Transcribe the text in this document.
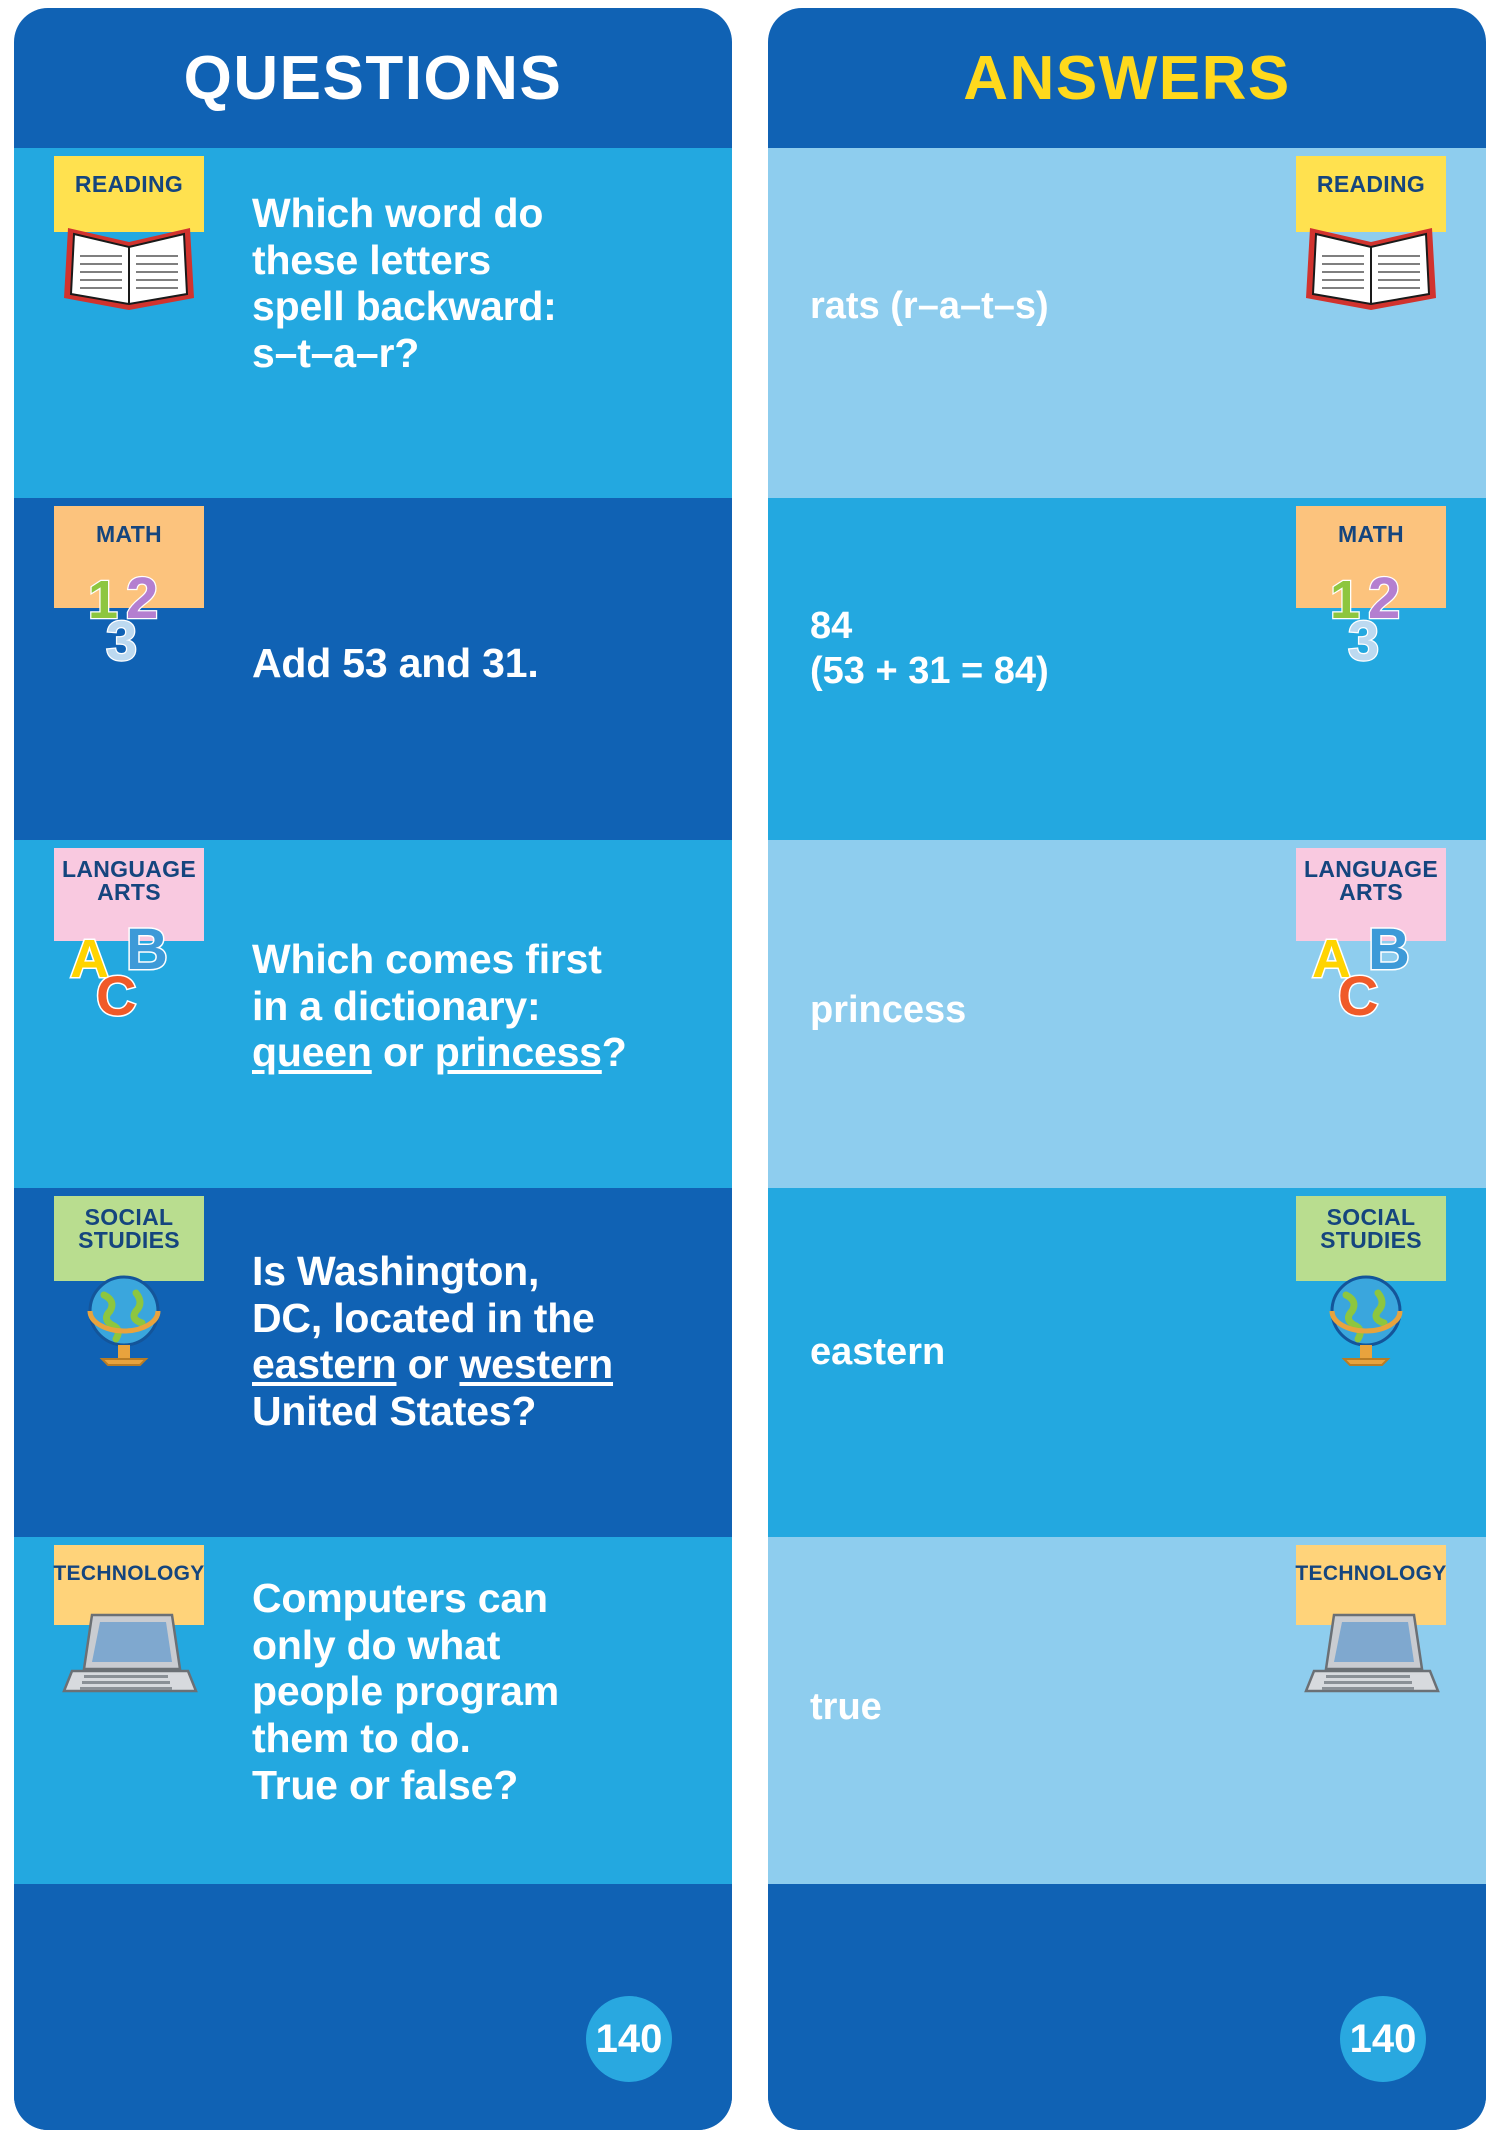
QUESTIONS
READING
Which word do
these letters
spell backward:
s–t–a–r?
MATH
1 2
3	Add 53 and 31.
LANGUAGE ARTS
A B
C
Which comes first
in a dictionary:
queen or princess?
SOCIAL STUDIES
Is Washington,
DC, located in the
eastern or western
United States?
TECHNOLOGY
Computers can
only do what
people program
them to do.
True or false?
140
ANSWERS
READING
rats (r–a–t–s)
MATH
1 2
3
84
(53 + 31 = 84)
LANGUAGE ARTS
A B
C
princess
SOCIAL STUDIES
eastern
TECHNOLOGY
true
140
